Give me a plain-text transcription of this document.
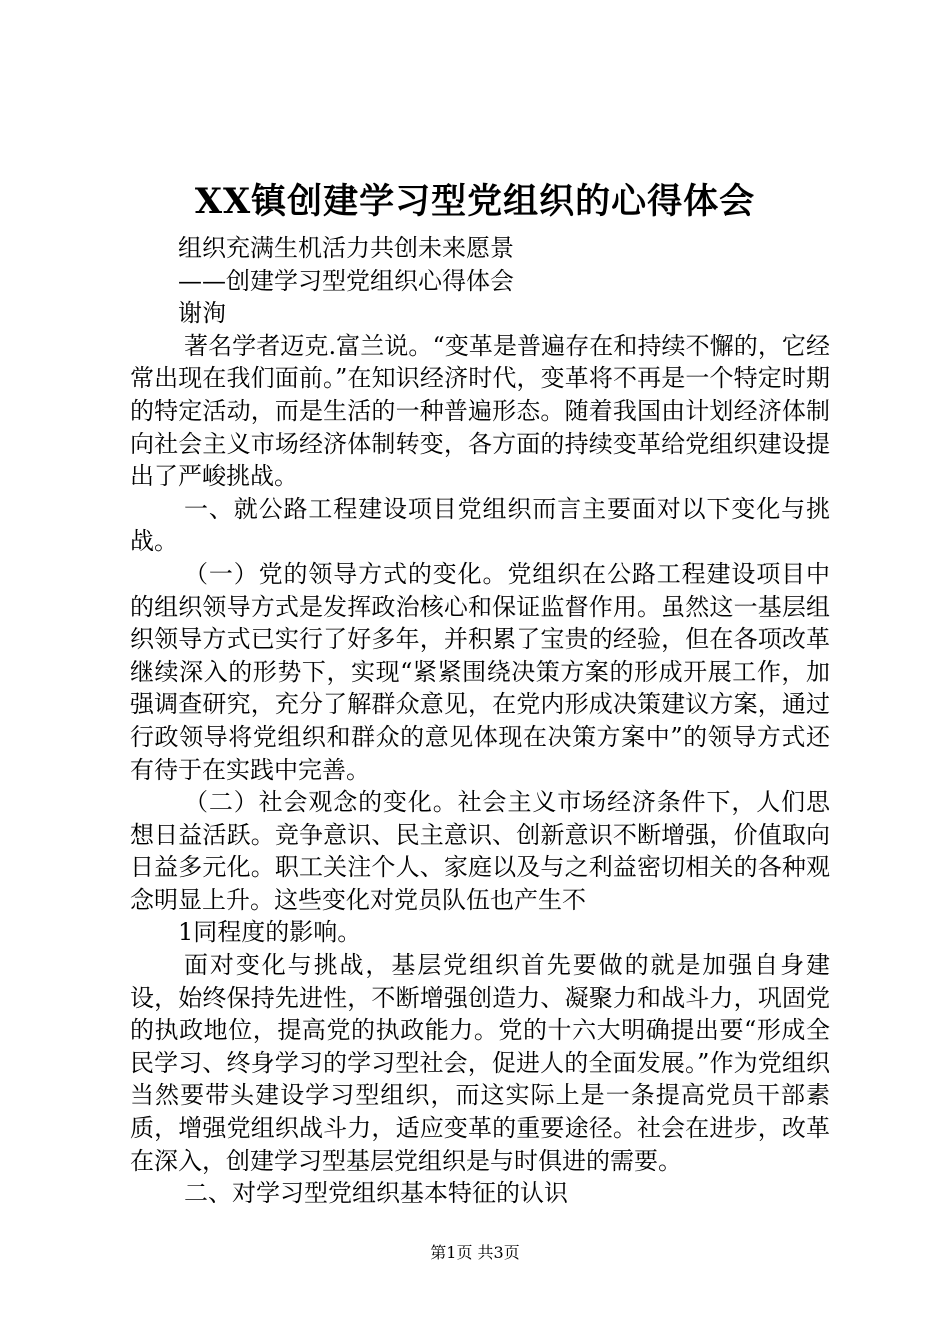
XX镇创建学习型党组织的心得体会
组织充满生机活力共创未来愿景
——创建学习型党组织心得体会
谢洵

著名学者迈克.富兰说。“变革是普遍存在和持续不懈的，它经常出现在我们面前。”在知识经济时代，变革将不再是一个特定时期的特定活动，而是生活的一种普遍形态。随着我国由计划经济体制向社会主义市场经济体制转变，各方面的持续变革给党组织建设提出了严峻挑战。

一、就公路工程建设项目党组织而言主要面对以下变化与挑战。

（一）党的领导方式的变化。党组织在公路工程建设项目中的组织领导方式是发挥政治核心和保证监督作用。虽然这一基层组织领导方式已实行了好多年，并积累了宝贵的经验，但在各项改革继续深入的形势下，实现“紧紧围绕决策方案的形成开展工作，加强调查研究，充分了解群众意见，在党内形成决策建议方案，通过行政领导将党组织和群众的意见体现在决策方案中”的领导方式还有待于在实践中完善。

（二）社会观念的变化。社会主义市场经济条件下，人们思想日益活跃。竞争意识、民主意识、创新意识不断增强，价值取向日益多元化。职工关注个人、家庭以及与之利益密切相关的各种观念明显上升。这些变化对党员队伍也产生不

1同程度的影响。

面对变化与挑战，基层党组织首先要做的就是加强自身建设，始终保持先进性，不断增强创造力、凝聚力和战斗力，巩固党的执政地位，提高党的执政能力。党的十六大明确提出要“形成全民学习、终身学习的学习型社会，促进人的全面发展。”作为党组织当然要带头建设学习型组织，而这实际上是一条提高党员干部素质，增强党组织战斗力，适应变革的重要途径。社会在进步，改革在深入，创建学习型基层党组织是与时俱进的需要。

二、对学习型党组织基本特征的认识

第1页 共3页
